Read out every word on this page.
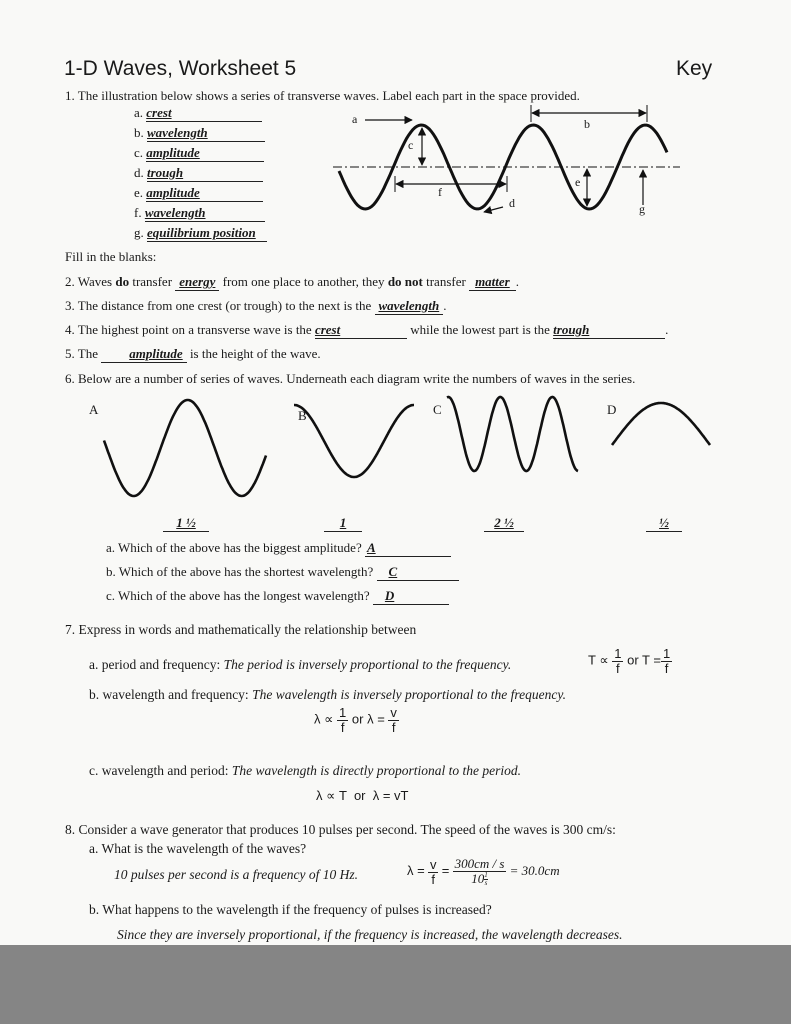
1-D Waves, Worksheet 5	Key
1. The illustration below shows a series of transverse waves. Label each part in the space provided.
a. crest
b. wavelength
c. amplitude
d. trough
e. amplitude
f. wavelength
g. equilibrium position
a	b
c
d
e
f
g
Fill in the blanks:
2. Waves do transfer energy from one place to another, they do not transfer matter .
3. The distance from one crest (or trough) to the next is the wavelength .
4. The highest point on a transverse wave is the crest	while the lowest part is the trough	.
5. The amplitude is the height of the wave.
6. Below are a number of series of waves. Underneath each diagram write the numbers of waves in the series.
A	B	C	D
1 ½	1	2 ½	½
a. Which of the above has the biggest amplitude? A
b. Which of the above has the shortest wavelength? C
c. Which of the above has the longest wavelength? D
7. Express in words and mathematically the relationship between
a. period and frequency: The period is inversely proportional to the frequency.	$T \propto \frac{1}{f}$ or $T = \frac{1}{f}$
b. wavelength and frequency: The wavelength is inversely proportional to the frequency.
$\lambda \propto \frac{1}{f}$ or $\lambda = \frac{v}{f}$
c. wavelength and period: The wavelength is directly proportional to the period.
λ ∝ T  or  λ = vT
8. Consider a wave generator that produces 10 pulses per second. The speed of the waves is 300 cm/s:
a. What is the wavelength of the waves?
10 pulses per second is a frequency of 10 Hz.	$\lambda = \frac{v}{f} = \frac{300cm / s}{10 \frac{1}{s}} = 30.0cm$
b. What happens to the wavelength if the frequency of pulses is increased?
Since they are inversely proportional, if the frequency is increased, the wavelength decreases.
